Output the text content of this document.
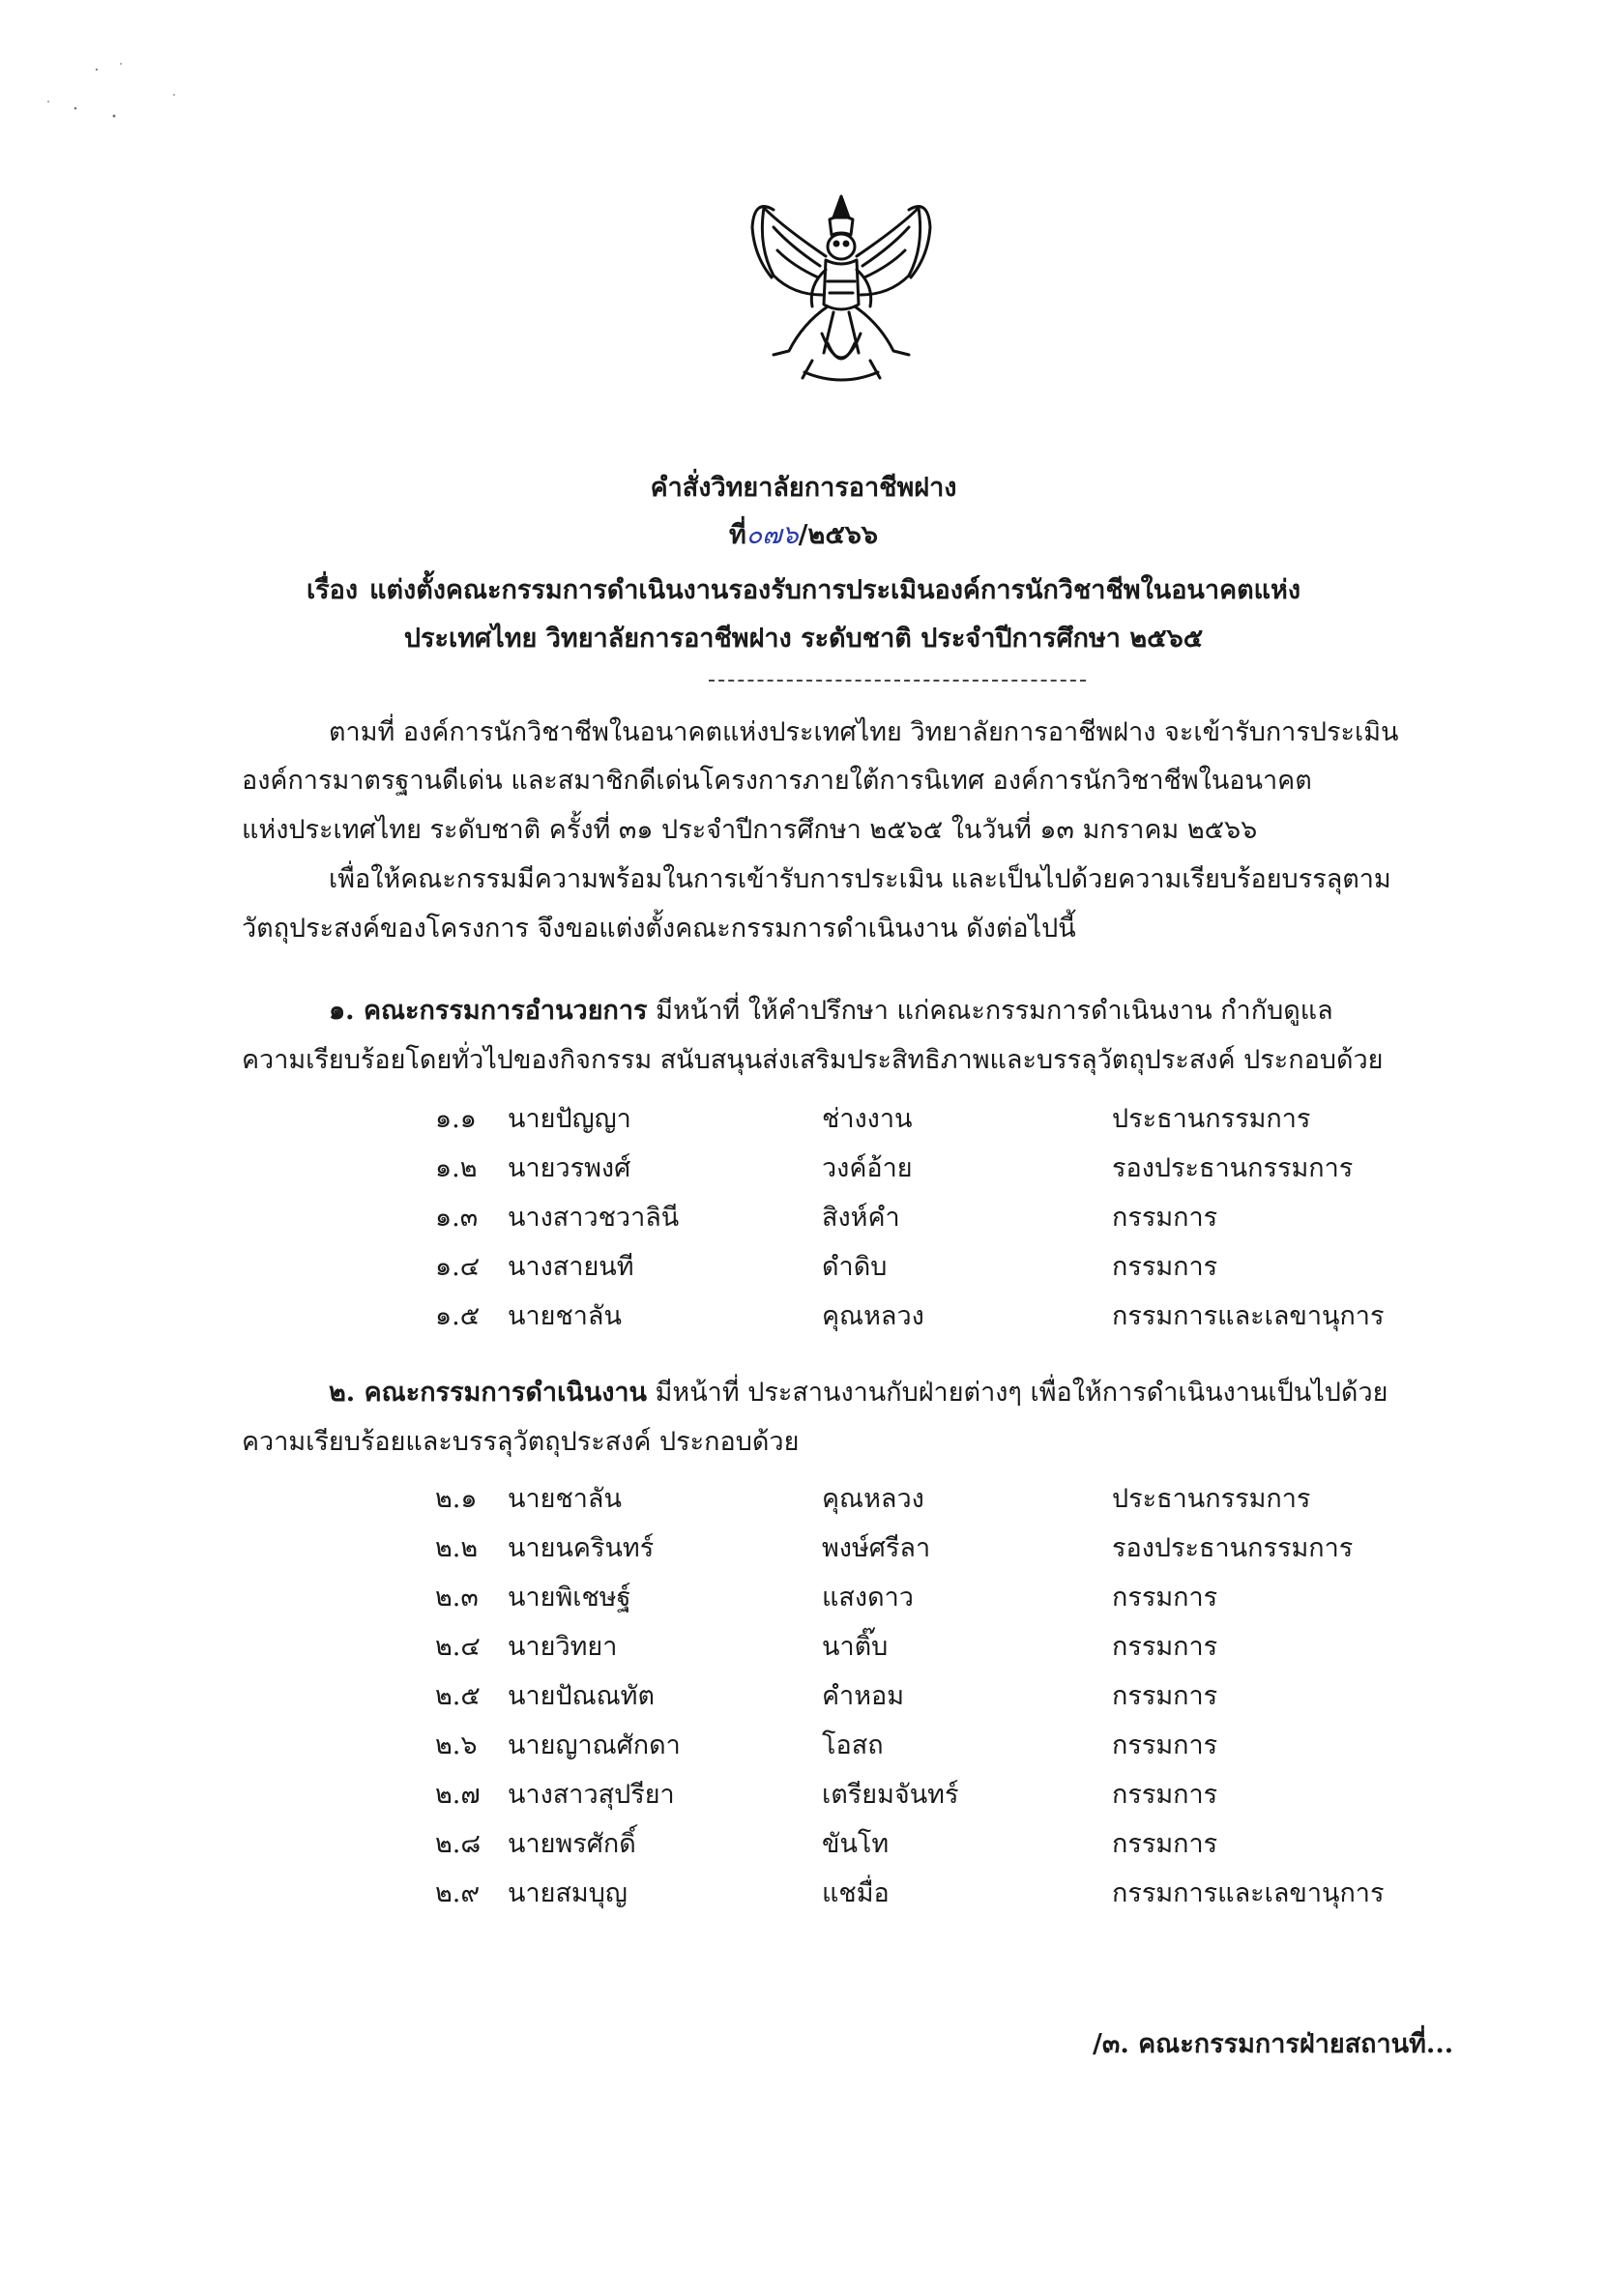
คำสั่งวิทยาลัยการอาชีพฝาง
ที่๐๗๖/๒๕๖๖
เรื่อง แต่งตั้งคณะกรรมการดำเนินงานรองรับการประเมินองค์การนักวิชาชีพในอนาคตแห่ง
ประเทศไทย วิทยาลัยการอาชีพฝาง ระดับชาติ ประจำปีการศึกษา ๒๕๖๕
ตามที่ องค์การนักวิชาชีพในอนาคตแห่งประเทศไทย วิทยาลัยการอาชีพฝาง จะเข้ารับการประเมิน
องค์การมาตรฐานดีเด่น และสมาชิกดีเด่นโครงการภายใต้การนิเทศ องค์การนักวิชาชีพในอนาคต
แห่งประเทศไทย ระดับชาติ ครั้งที่ ๓๑ ประจำปีการศึกษา ๒๕๖๕ ในวันที่ ๑๓ มกราคม ๒๕๖๖
เพื่อให้คณะกรรมมีความพร้อมในการเข้ารับการประเมิน และเป็นไปด้วยความเรียบร้อยบรรลุตาม
วัตถุประสงค์ของโครงการ จึงขอแต่งตั้งคณะกรรมการดำเนินงาน ดังต่อไปนี้
๑. คณะกรรมการอำนวยการ มีหน้าที่ ให้คำปรึกษา แก่คณะกรรมการดำเนินงาน กำกับดูแล
ความเรียบร้อยโดยทั่วไปของกิจกรรม สนับสนุนส่งเสริมประสิทธิภาพและบรรลุวัตถุประสงค์ ประกอบด้วย
๑.๑ นายปัญญา	ช่างงาน	ประธานกรรมการ
๑.๒ นายวรพงศ์	วงค์อ้าย	รองประธานกรรมการ
๑.๓ นางสาวชวาลินี	สิงห์คำ	กรรมการ
๑.๔ นางสายนที	ดำดิบ	กรรมการ
๑.๕ นายชาลัน	คุณหลวง	กรรมการและเลขานุการ
๒. คณะกรรมการดำเนินงาน มีหน้าที่ ประสานงานกับฝ่ายต่างๆ เพื่อให้การดำเนินงานเป็นไปด้วย
ความเรียบร้อยและบรรลุวัตถุประสงค์ ประกอบด้วย
๒.๑ นายชาลัน	คุณหลวง	ประธานกรรมการ
๒.๒ นายนครินทร์	พงษ์ศรีลา	รองประธานกรรมการ
๒.๓ นายพิเชษฐ์	แสงดาว	กรรมการ
๒.๔ นายวิทยา	นาติ๊บ	กรรมการ
๒.๕ นายปัณณทัต	คำหอม	กรรมการ
๒.๖ นายญาณศักดา	โอสถ	กรรมการ
๒.๗ นางสาวสุปรียา	เตรียมจันทร์	กรรมการ
๒.๘ นายพรศักดิ์	ขันโท	กรรมการ
๒.๙ นายสมบุญ	แชมื่อ	กรรมการและเลขานุการ
/๓. คณะกรรมการฝ่ายสถานที่...
